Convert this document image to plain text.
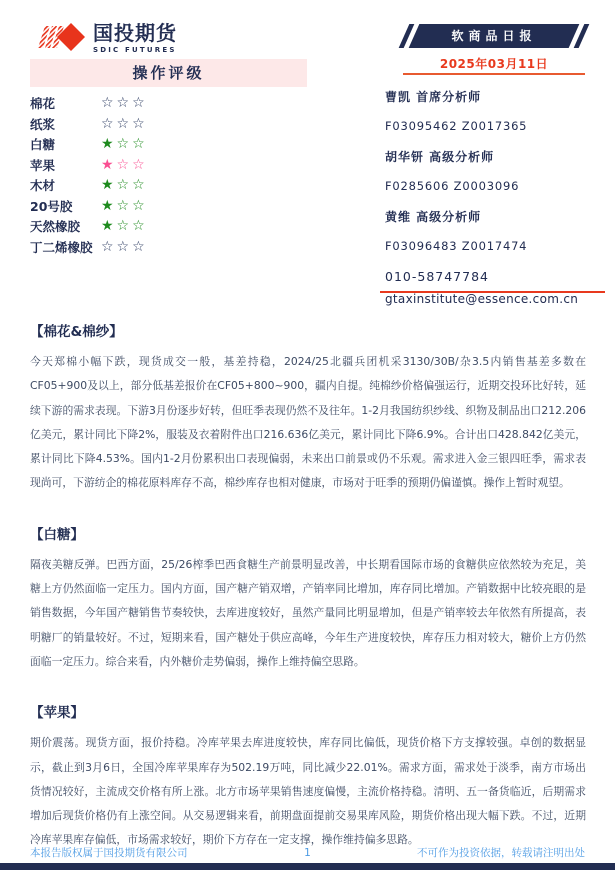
国投期货
SDIC FUTURES
软商品日报
2025年03月11日
操作评级
棉花	☆☆☆
纸浆	☆☆☆
白糖	★☆☆
苹果	★☆☆
木材	★☆☆
20号胶	★☆☆
天然橡胶	★☆☆
丁二烯橡胶 ☆☆☆

曹凯 首席分析师

F03095462 Z0017365

胡华钘 高级分析师

F0285606 Z0003096

黄维 高级分析师

F03096483 Z0017474

010-58747784

gtaxinstitute@essence.com.cn

【棉花&棉纱】

今天郑棉小幅下跌，现货成交一般，基差持稳，2024/25北疆兵团机采3130/30B/杂3.5内销售基差多数在CF05+900及以上，部分低基差报价在CF05+800~900，疆内自提。纯棉纱价格偏强运行，近期交投环比好转，延续下游的需求表现。下游3月份逐步好转，但旺季表现仍然不及往年。1-2月我国纺织纱线、织物及制品出口212.206亿美元，累计同比下降2%，服装及衣着附件出口216.636亿美元，累计同比下降6.9%。合计出口428.842亿美元，累计同比下降4.53%。国内1-2月份累积出口表现偏弱，未来出口前景或仍不乐观。需求进入金三银四旺季，需求表现尚可，下游纺企的棉花原料库存不高，棉纱库存也相对健康，市场对于旺季的预期仍偏谨慎。操作上暂时观望。

【白糖】

隔夜美糖反弹。巴西方面，25/26榨季巴西食糖生产前景明显改善，中长期看国际市场的食糖供应依然较为充足，美糖上方仍然面临一定压力。国内方面，国产糖产销双增，产销率同比增加，库存同比增加。产销数据中比较亮眼的是销售数据，今年国产糖销售节奏较快，去库进度较好，虽然产量同比明显增加，但是产销率较去年依然有所提高，表明糖厂的销量较好。不过，短期来看，国产糖处于供应高峰，今年生产进度较快，库存压力相对较大，糖价上方仍然面临一定压力。综合来看，内外糖价走势偏弱，操作上维持偏空思路。

【苹果】

期价震荡。现货方面，报价持稳。冷库苹果去库进度较快，库存同比偏低，现货价格下方支撑较强。卓创的数据显示，截止到3月6日，全国冷库苹果库存为502.19万吨，同比减少22.01%。需求方面，需求处于淡季，南方市场出货情况较好，主流成交价格有所上涨。北方市场苹果销售速度偏慢，主流价格持稳。清明、五一备货临近，后期需求增加后现货价格仍有上涨空间。从交易逻辑来看，前期盘面提前交易果库风险，期货价格出现大幅下跌。不过，近期冷库苹果库存偏低，市场需求较好，期价下方存在一定支撑，操作维持偏多思路。

本报告版权属于国投期货有限公司	1	不可作为投资依据，转载请注明出处
